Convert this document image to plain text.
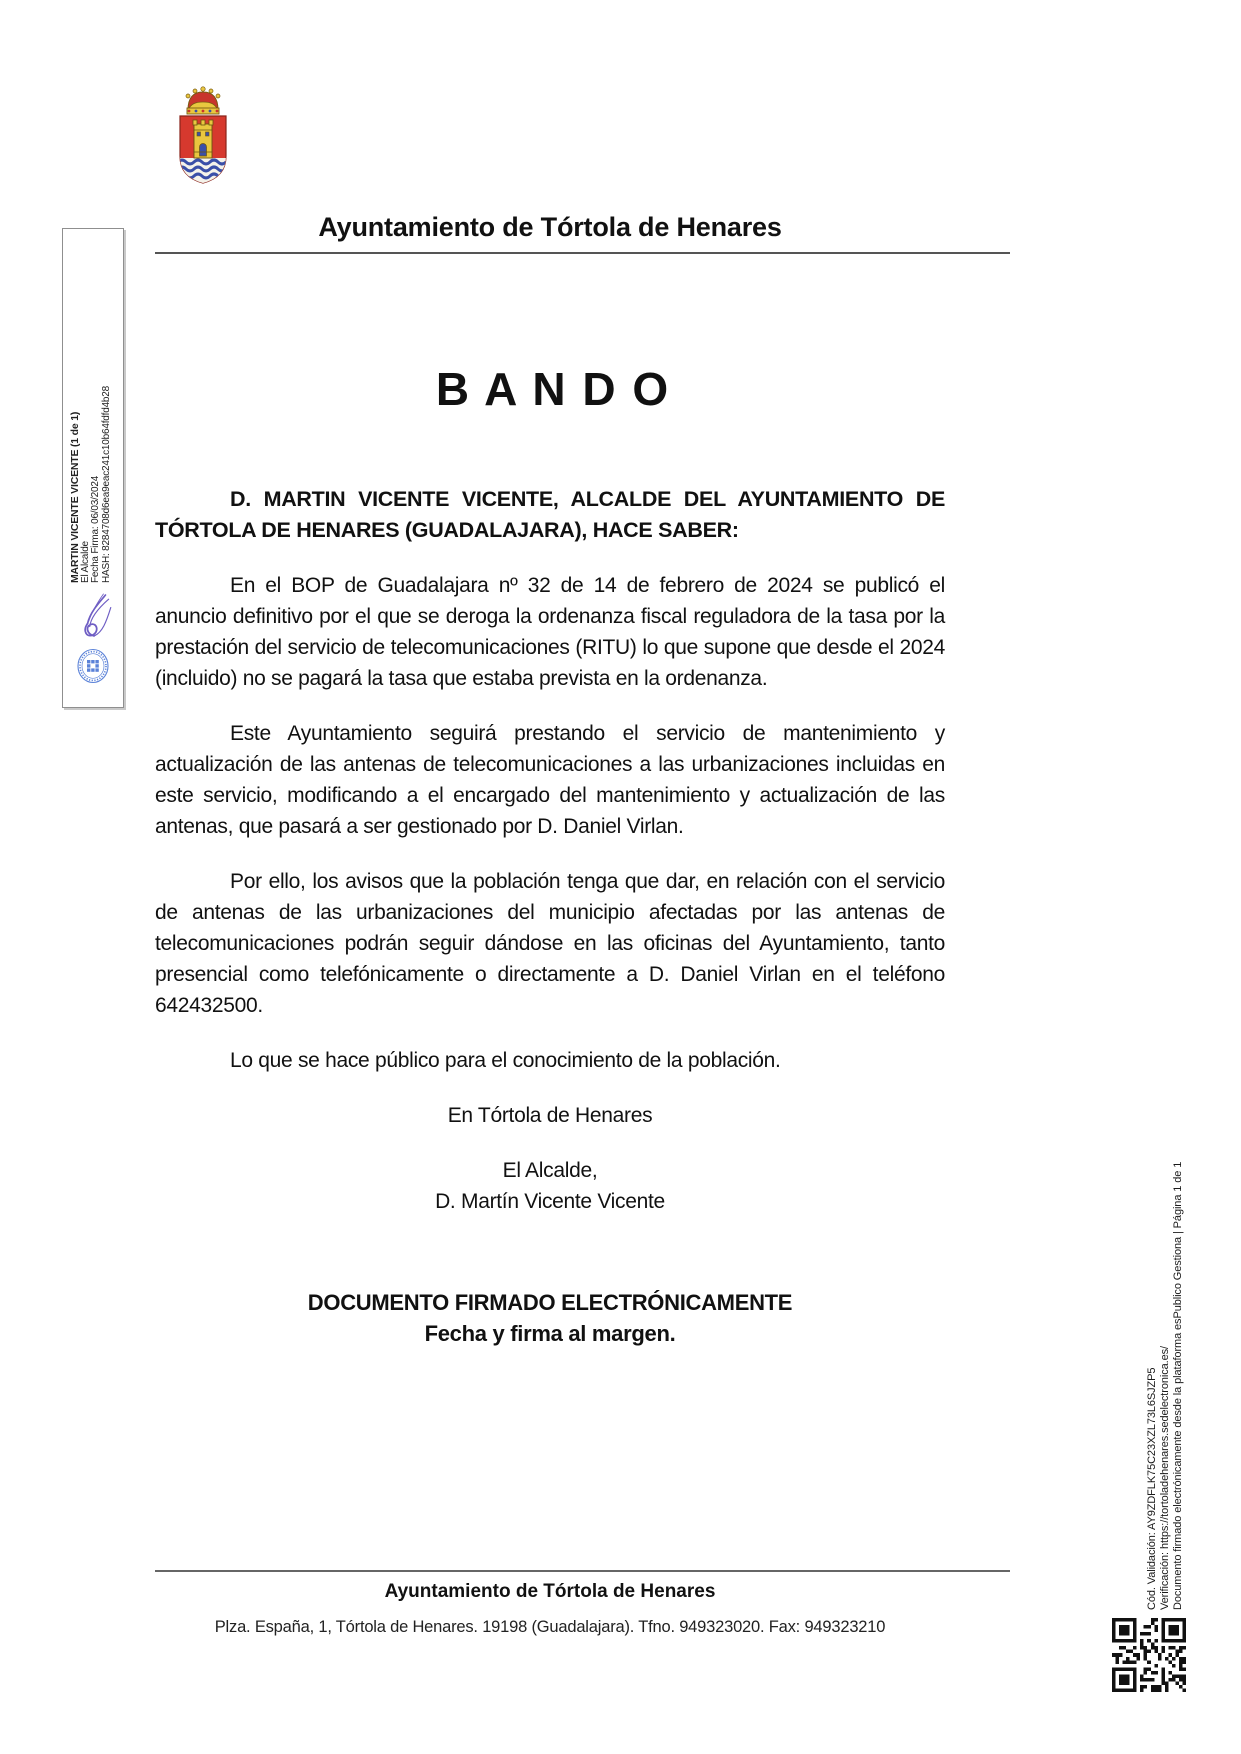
Ayuntamiento de Tórtola de Henares
MARTIN VICENTE VICENTE (1 de 1)
El Alcalde Fecha Firma: 06/03/2024 HASH: 8284708d6ea9eac241c10b64fdfd4b28	B A N D O

D. MARTIN VICENTE VICENTE, ALCALDE DEL AYUNTAMIENTO DE TÓRTOLA DE HENARES (GUADALAJARA), HACE SABER:

En el BOP de Guadalajara nº 32 de 14 de febrero de 2024 se publicó el anuncio definitivo por el que se deroga la ordenanza fiscal reguladora de la tasa por la prestación del servicio de telecomunicaciones (RITU) lo que supone que desde el 2024 (incluido) no se pagará la tasa que estaba prevista en la ordenanza.

Este Ayuntamiento seguirá prestando el servicio de mantenimiento y actualización de las antenas de telecomunicaciones a las urbanizaciones incluidas en este servicio, modificando a el encargado del mantenimiento y actualización de las antenas, que pasará a ser gestionado por D. Daniel Virlan.

Por ello, los avisos que la población tenga que dar, en relación con el servicio de antenas de las urbanizaciones del municipio afectadas por las antenas de telecomunicaciones podrán seguir dándose en las oficinas del Ayuntamiento, tanto presencial como telefónicamente o directamente a D. Daniel Virlan en el teléfono 642432500.

Lo que se hace público para el conocimiento de la población.

En Tórtola de Henares

El Alcalde,

D. Martín Vicente Vicente

DOCUMENTO FIRMADO ELECTRÓNICAMENTE

Fecha y firma al margen.

Cód. Validación: AY9ZDFLK75C23XZL73L6SJZP5 Verificación: https://tortoladehenares.sedelectronica.es/ Documento firmado electrónicamente desde la plataforma esPublico Gestiona | Página 1 de 1
Ayuntamiento de Tórtola de Henares
Plza. España, 1, Tórtola de Henares. 19198 (Guadalajara). Tfno. 949323020. Fax: 949323210
